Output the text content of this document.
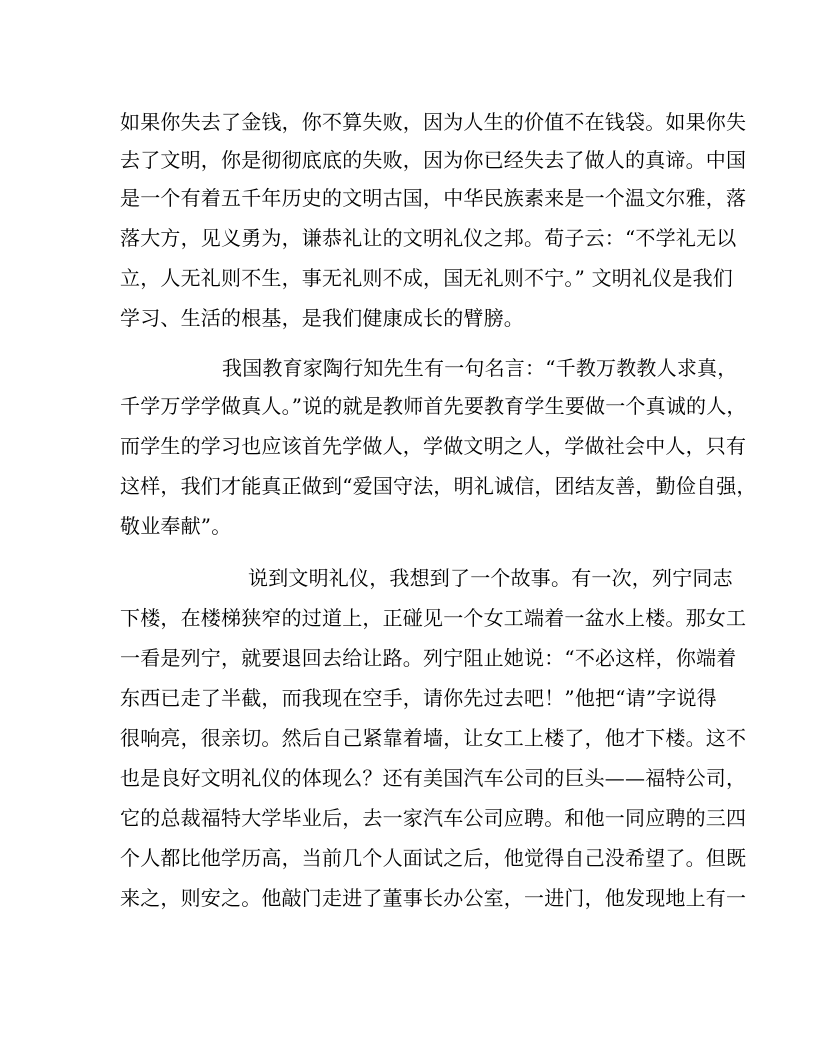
如果你失去了金钱，你不算失败，因为人生的价值不在钱袋。如果你失
去了文明，你是彻彻底底的失败，因为你已经失去了做人的真谛。中国
是一个有着五千年历史的文明古国，中华民族素来是一个温文尔雅，落
落大方，见义勇为，谦恭礼让的文明礼仪之邦。荀子云：“不学礼无以
立，人无礼则不生，事无礼则不成，国无礼则不宁。” 文明礼仪是我们
学习、生活的根基，是我们健康成长的臂膀。
我国教育家陶行知先生有一句名言：“千教万教教人求真，
千学万学学做真人。”说的就是教师首先要教育学生要做一个真诚的人，
而学生的学习也应该首先学做人，学做文明之人，学做社会中人，只有
这样，我们才能真正做到“爱国守法，明礼诚信，团结友善，勤俭自强，
敬业奉献”。
说到文明礼仪，我想到了一个故事。有一次，列宁同志
下楼，在楼梯狭窄的过道上，正碰见一个女工端着一盆水上楼。那女工
一看是列宁，就要退回去给让路。列宁阻止她说：“不必这样，你端着
东西已走了半截，而我现在空手，请你先过去吧！”他把“请”字说得
很响亮，很亲切。然后自己紧靠着墙，让女工上楼了，他才下楼。这不
也是良好文明礼仪的体现么？还有美国汽车公司的巨头——福特公司，
它的总裁福特大学毕业后，去一家汽车公司应聘。和他一同应聘的三四
个人都比他学历高，当前几个人面试之后，他觉得自己没希望了。但既
来之，则安之。他敲门走进了董事长办公室，一进门，他发现地上有一
